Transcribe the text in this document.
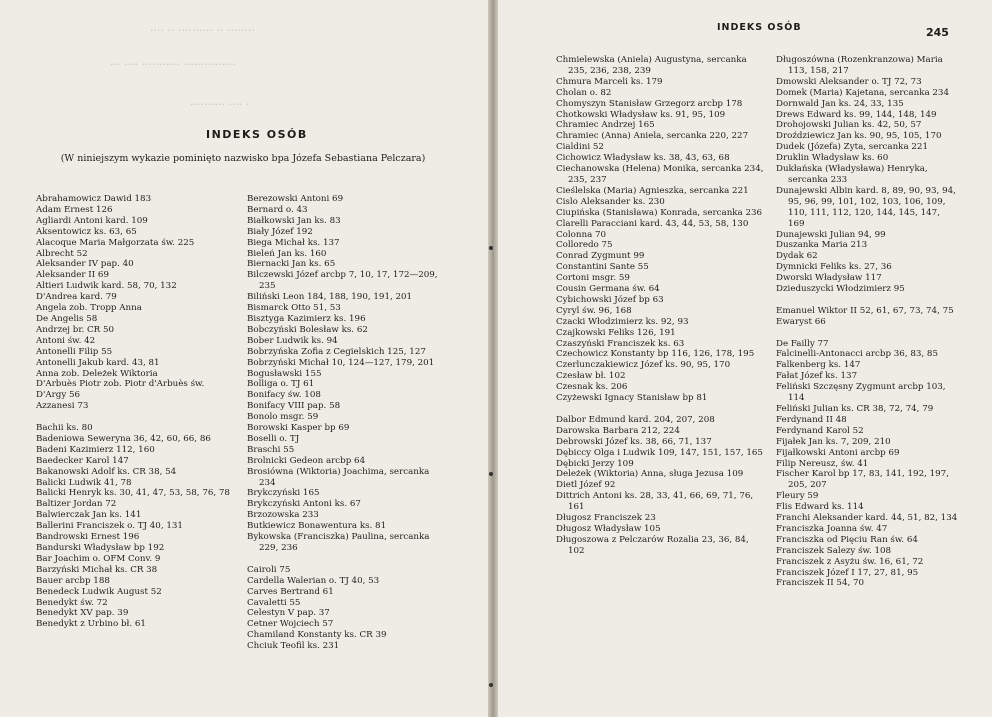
···· ·· ·········· ·· ········
··· ···· ··········· ···············
·········· ···· ·
INDEKS OSÓB	245
INDEKS OSÓB
(W niniejszym wykazie pominięto nazwisko bpa Józefa Sebastiana Pelczara)
Abrahamowicz Dawid 183
Adam Ernest 126
Agliardi Antoni kard. 109
Aksentowicz ks. 63, 65
Alacoque Maria Małgorzata św. 225
Albrecht 52
Aleksander IV pap. 40
Aleksander II 69
Altieri Ludwik kard. 58, 70, 132
D'Andrea kard. 79
Angela zob. Tropp Anna
De Angelis 58
Andrzej br. CR 50
Antoni św. 42
Antonelli Filip 55
Antonelli Jakub kard. 43, 81
Anna zob. Deleżek Wiktoria
D'Arbuès Piotr zob. Piotr d'Arbuès św.
D'Argy 56
Azzanesi 73
Bachii ks. 80
Badeniowa Seweryna 36, 42, 60, 66, 86
Badeni Kazimierz 112, 160
Baedecker Karol 147
Bakanowski Adolf ks. CR 38, 54
Balicki Ludwik 41, 78
Balicki Henryk ks. 30, 41, 47, 53, 58, 76, 78
Baltizer Jordan 72
Balwierczak Jan ks. 141
Ballerini Franciszek o. TJ 40, 131
Bandrowski Ernest 196
Bandurski Władysław bp 192
Bar Joachim o. OFM Conv. 9
Barzyński Michał ks. CR 38
Bauer arcbp 188
Benedeck Ludwik August 52
Benedykt św. 72
Benedykt XV pap. 39
Benedykt z Urbino bł. 61
Berezowski Antoni 69
Bernard o. 43
Białkowski Jan ks. 83
Biały Józef 192
Biega Michał ks. 137
Bieleń Jan ks. 160
Biernacki Jan ks. 65
Bilczewski Józef arcbp 7, 10, 17, 172—209, 235
Biliński Leon 184, 188, 190, 191, 201
Bismarck Otto 51, 53
Bisztyga Kazimierz ks. 196
Bobczyński Bolesław ks. 62
Bober Ludwik ks. 94
Bobrzyńska Zofia z Cegielskich 125, 127
Bobrzyński Michał 10, 124—127, 179, 201
Bogusławski 155
Bolliga o. TJ 61
Bonifacy św. 108
Bonifacy VIII pap. 58
Bonolo msgr. 59
Borowski Kasper bp 69
Boselli o. TJ
Braschi 55
Brolnicki Gedeon arcbp 64
Brosiówna (Wiktoria) Joachima, sercanka 234
Brykczyński 165
Brykczyński Antoni ks. 67
Brzozowska 233
Butkiewicz Bonawentura ks. 81
Bykowska (Franciszka) Paulina, sercanka 229, 236
Cairoli 75
Cardella Walerian o. TJ 40, 53
Carves Bertrand 61
Cavaletti 55
Celestyn V pap. 37
Cetner Wojciech 57
Chamiland Konstanty ks. CR 39
Chciuk Teofil ks. 231
Chmielewska (Aniela) Augustyna, sercanka 235, 236, 238, 239
Chmura Marceli ks. 179
Cholan o. 82
Chomyszyn Stanisław Grzegorz arcbp 178
Chotkowski Władysław ks. 91, 95, 109
Chramiec Andrzej 165
Chramiec (Anna) Aniela, sercanka 220, 227
Cialdini 52
Cichowicz Władysław ks. 38, 43, 63, 68
Ciechanowska (Helena) Monika, sercanka 234, 235, 237
Cieślelska (Maria) Agnieszka, sercanka 221
Cislo Aleksander ks. 230
Ciupińska (Stanisława) Konrada, sercanka 236
Clarelli Paracciani kard. 43, 44, 53, 58, 130
Colonna 70
Colloredo 75
Conrad Zygmunt 99
Constantini Sante 55
Cortoni msgr. 59
Cousin Germana św. 64
Cybichowski Józef bp 63
Cyryl św. 96, 168
Czacki Włodzimierz ks. 92, 93
Czajkowski Feliks 126, 191
Czaszyński Franciszek ks. 63
Czechowicz Konstanty bp 116, 126, 178, 195
Czerlunczakiewicz Józef ks. 90, 95, 170
Czesław bł. 102
Czesnak ks. 206
Czyżewski Ignacy Stanisław bp 81
Dalbor Edmund kard. 204, 207, 208
Darowska Barbara 212, 224
Debrowski Józef ks. 38, 66, 71, 137
Dębiccy Olga i Ludwik 109, 147, 151, 157, 165
Dębicki Jerzy 109
Deleżek (Wiktoria) Anna, sługa Jezusa 109
Dietl Józef 92
Dittrich Antoni ks. 28, 33, 41, 66, 69, 71, 76, 161
Długosz Franciszek 23
Długosz Władysław 105
Długoszowa z Pelczarów Rozalia 23, 36, 84, 102
Długoszówna (Rozenkranzowa) Maria 113, 158, 217
Dmowski Aleksander o. TJ 72, 73
Domek (Maria) Kajetana, sercanka 234
Dornwald Jan ks. 24, 33, 135
Drews Edward ks. 99, 144, 148, 149
Drohojowski Julian ks. 42, 50, 57
Droździewicz Jan ks. 90, 95, 105, 170
Dudek (Józefa) Zyta, sercanka 221
Druklin Władysław ks. 60
Dukłańska (Władysława) Henryka, sercanka 233
Dunajewski Albin kard. 8, 89, 90, 93, 94, 95, 96, 99, 101, 102, 103, 106, 109, 110, 111, 112, 120, 144, 145, 147, 169
Dunajewski Julian 94, 99
Duszanka Maria 213
Dydak 62
Dymnicki Feliks ks. 27, 36
Dworski Władysław 117
Dzieduszycki Włodzimierz 95
Emanuel Wiktor II 52, 61, 67, 73, 74, 75
Ewaryst 66
De Failly 77
Falcinelli-Antonacci arcbp 36, 83, 85
Falkenberg ks. 147
Fałat Józef ks. 137
Feliński Szczęsny Zygmunt arcbp 103, 114
Feliński Julian ks. CR 38, 72, 74, 79
Ferdynand II 48
Ferdynand Karol 52
Fijałek Jan ks. 7, 209, 210
Fijałkowski Antoni arcbp 69
Filip Nereusz, św. 41
Fischer Karol bp 17, 83, 141, 192, 197, 205, 207
Fleury 59
Flis Edward ks. 114
Franchi Aleksander kard. 44, 51, 82, 134
Franciszka Joanna św. 47
Franciszka od Pięciu Ran św. 64
Franciszek Salezy św. 108
Franciszek z Asyżu św. 16, 61, 72
Franciszek Józef I 17, 27, 81, 95
Franciszek II 54, 70
